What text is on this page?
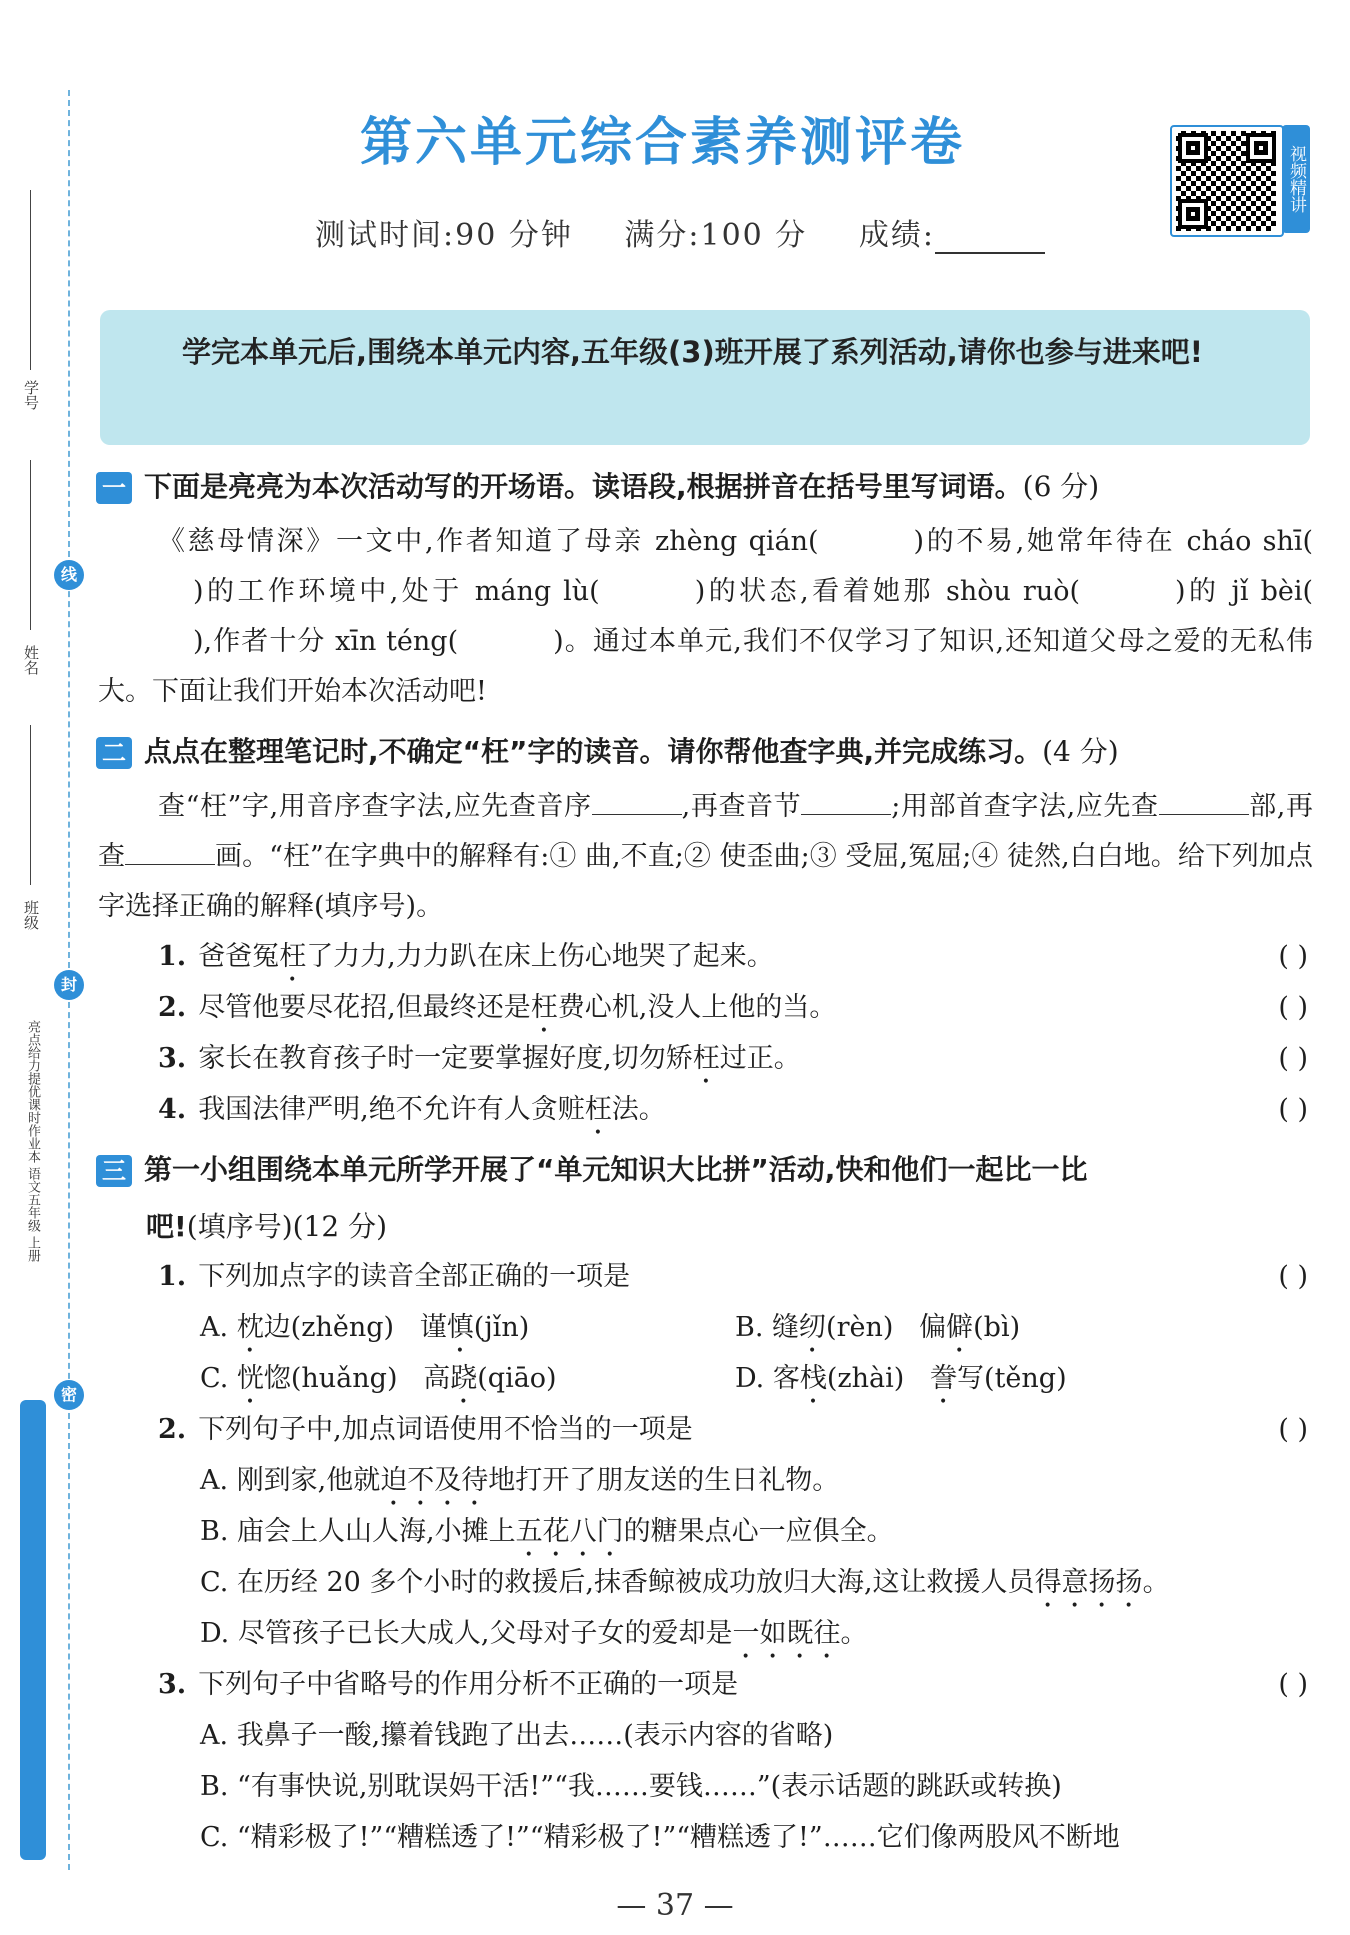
学号
姓名
班级
亮点给力提优课时作业本 语文五年级 上册
线
封
密
第六单元综合素养测评卷
视频精讲
测试时间:90 分钟 满分:100 分 成绩:
学完本单元后,围绕本单元内容,五年级(3)班开展了系列活动,请你也参与进来吧!
一 下面是亮亮为本次活动写的开场语。读语段,根据拼音在括号里写词语。(6 分)
《慈母情深》一文中,作者知道了母亲 zhèng qián(	)的不易,她常年待在 cháo shī()的工作环境中,处于 máng lù(	)的状态,看着她那 shòu ruò(	)的 jǐ bèi(),作者十分 xīn téng(	)。通过本单元,我们不仅学习了知识,还知道父母之爱的无私伟大。下面让我们开始本次活动吧!
二 点点在整理笔记时,不确定“枉”字的读音。请你帮他查字典,并完成练习。(4 分)
查“枉”字,用音序查字法,应先查音序	,再查音节	;用部首查字法,应先查	部,再查	画。“枉”在字典中的解释有:① 曲,不直;② 使歪曲;③ 受屈,冤屈;④ 徒然,白白地。给下列加点字选择正确的解释(填序号)。
1. 爸爸冤枉了力力,力力趴在床上伤心地哭了起来。	( )
2. 尽管他要尽花招,但最终还是枉费心机,没人上他的当。	( )
3. 家长在教育孩子时一定要掌握好度,切勿矫枉过正。	( )
4. 我国法律严明,绝不允许有人贪赃枉法。	( )
三 第一小组围绕本单元所学开展了“单元知识大比拼”活动,快和他们一起比一比
吧!(填序号)(12 分)
1. 下列加点字的读音全部正确的一项是	( )
A. 枕边(zhěng) 谨慎(jǐn)	B. 缝纫(rèn) 偏僻(bì)
C. 恍惚(huǎng) 高跷(qiāo)	D. 客栈(zhài) 誊写(těng)
2. 下列句子中,加点词语使用不恰当的一项是	( )
A. 刚到家,他就迫不及待地打开了朋友送的生日礼物。
B. 庙会上人山人海,小摊上五花八门的糖果点心一应俱全。
C. 在历经 20 多个小时的救援后,抹香鲸被成功放归大海,这让救援人员得意扬扬。
D. 尽管孩子已长大成人,父母对子女的爱却是一如既往。
3. 下列句子中省略号的作用分析不正确的一项是	( )
A. 我鼻子一酸,攥着钱跑了出去……(表示内容的省略)
B. “有事快说,别耽误妈干活!”“我……要钱……”(表示话题的跳跃或转换)
C. “精彩极了!”“糟糕透了!”“精彩极了!”“糟糕透了!”……它们像两股风不断地
— 37 —
